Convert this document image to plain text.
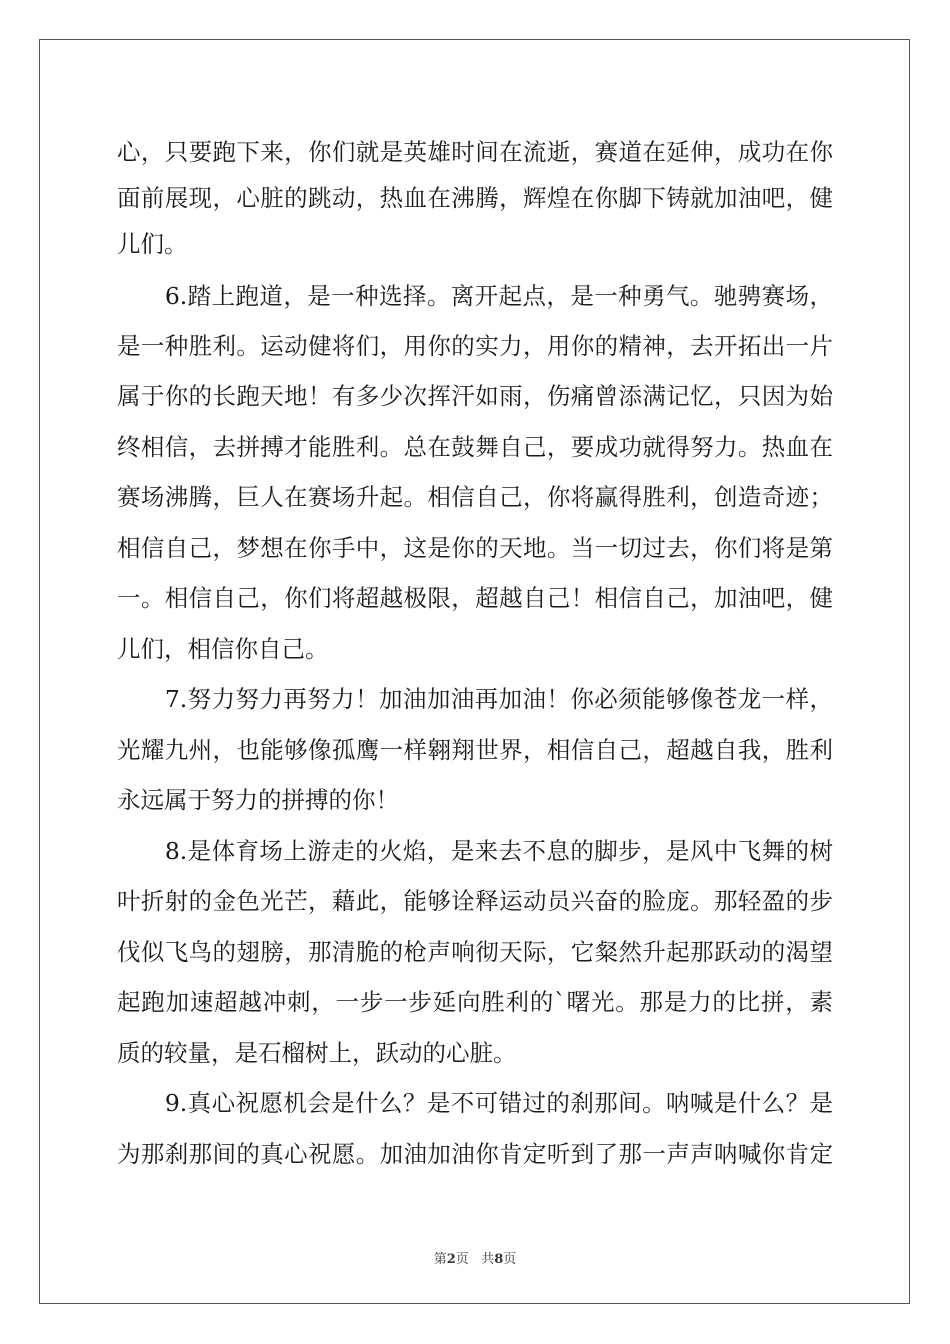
心，只要跑下来，你们就是英雄时间在流逝，赛道在延伸，成功在你
面前展现，心脏的跳动，热血在沸腾，辉煌在你脚下铸就加油吧，健
儿们。
　　6.踏上跑道，是一种选择。离开起点，是一种勇气。驰骋赛场，
是一种胜利。运动健将们，用你的实力，用你的精神，去开拓出一片
属于你的长跑天地！有多少次挥汗如雨，伤痛曾添满记忆，只因为始
终相信，去拼搏才能胜利。总在鼓舞自己，要成功就得努力。热血在
赛场沸腾，巨人在赛场升起。相信自己，你将赢得胜利，创造奇迹；
相信自己，梦想在你手中，这是你的天地。当一切过去，你们将是第
一。相信自己，你们将超越极限，超越自己！相信自己，加油吧，健
儿们，相信你自己。
　　7.努力努力再努力！加油加油再加油！你必须能够像苍龙一样，
光耀九州，也能够像孤鹰一样翱翔世界，相信自己，超越自我，胜利
永远属于努力的拼搏的你！
　　8.是体育场上游走的火焰，是来去不息的脚步，是风中飞舞的树
叶折射的金色光芒，藉此，能够诠释运动员兴奋的脸庞。那轻盈的步
伐似飞鸟的翅膀，那清脆的枪声响彻天际，它粲然升起那跃动的渴望
起跑加速超越冲刺，一步一步延向胜利的`曙光。那是力的比拼，素
质的较量，是石榴树上，跃动的心脏。
　　9.真心祝愿机会是什么？是不可错过的刹那间。呐喊是什么？是
为那刹那间的真心祝愿。加油加油你肯定听到了那一声声呐喊你肯定
第2页 共8页
